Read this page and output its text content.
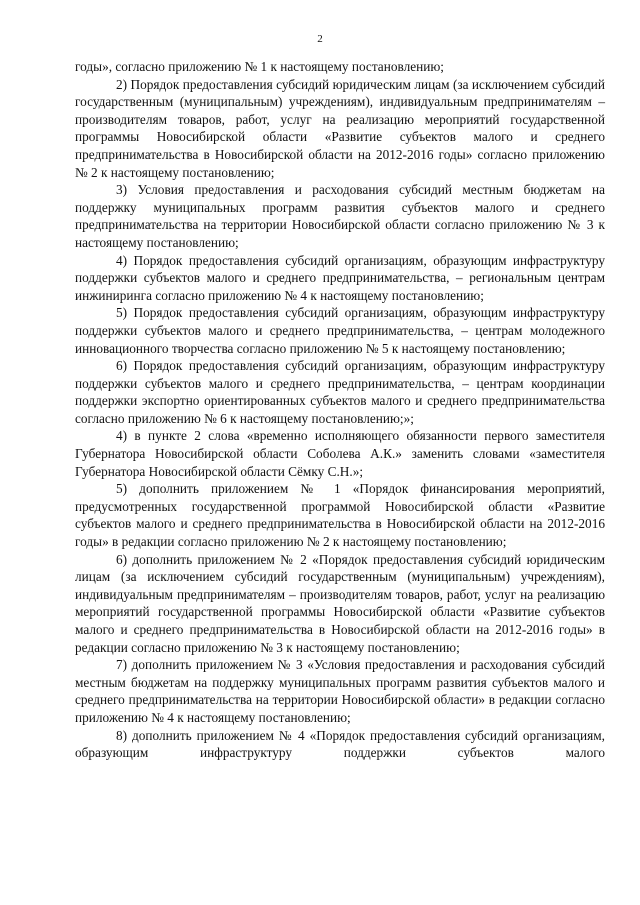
2

годы», согласно приложению № 1 к настоящему постановлению;

2) Порядок предоставления субсидий юридическим лицам (за исключением субсидий государственным (муниципальным) учреждениям), индивидуальным предпринимателям – производителям товаров, работ, услуг на реализацию мероприятий государственной программы Новосибирской области «Развитие субъектов малого и среднего предпринимательства в Новосибирской области на 2012-2016 годы» согласно приложению № 2 к настоящему постановлению;

3) Условия предоставления и расходования субсидий местным бюджетам на поддержку муниципальных программ развития субъектов малого и среднего предпринимательства на территории Новосибирской области согласно приложению № 3 к настоящему постановлению;

4) Порядок предоставления субсидий организациям, образующим инфраструктуру поддержки субъектов малого и среднего предпринимательства, – региональным центрам инжиниринга согласно приложению № 4 к настоящему постановлению;

5) Порядок предоставления субсидий организациям, образующим инфраструктуру поддержки субъектов малого и среднего предпринимательства, – центрам молодежного инновационного творчества согласно приложению № 5 к настоящему постановлению;

6) Порядок предоставления субсидий организациям, образующим инфраструктуру поддержки субъектов малого и среднего предпринимательства, – центрам координации поддержки экспортно ориентированных субъектов малого и среднего предпринимательства согласно приложению № 6 к настоящему постановлению;»;

4) в пункте 2 слова «временно исполняющего обязанности первого заместителя Губернатора Новосибирской области Соболева А.К.» заменить словами «заместителя Губернатора Новосибирской области Сёмку С.Н.»;

5) дополнить приложением № 1 «Порядок финансирования мероприятий, предусмотренных государственной программой Новосибирской области «Развитие субъектов малого и среднего предпринимательства в Новосибирской области на 2012-2016 годы» в редакции согласно приложению № 2 к настоящему постановлению;

6) дополнить приложением № 2 «Порядок предоставления субсидий юридическим лицам (за исключением субсидий государственным (муниципальным) учреждениям), индивидуальным предпринимателям – производителям товаров, работ, услуг на реализацию мероприятий государственной программы Новосибирской области «Развитие субъектов малого и среднего предпринимательства в Новосибирской области на 2012-2016 годы» в редакции согласно приложению № 3 к настоящему постановлению;

7) дополнить приложением № 3 «Условия предоставления и расходования субсидий местным бюджетам на поддержку муниципальных программ развития субъектов малого и среднего предпринимательства на территории Новосибирской области» в редакции согласно приложению № 4 к настоящему постановлению;

8) дополнить приложением № 4 «Порядок предоставления субсидий организациям, образующим инфраструктуру поддержки субъектов малого
